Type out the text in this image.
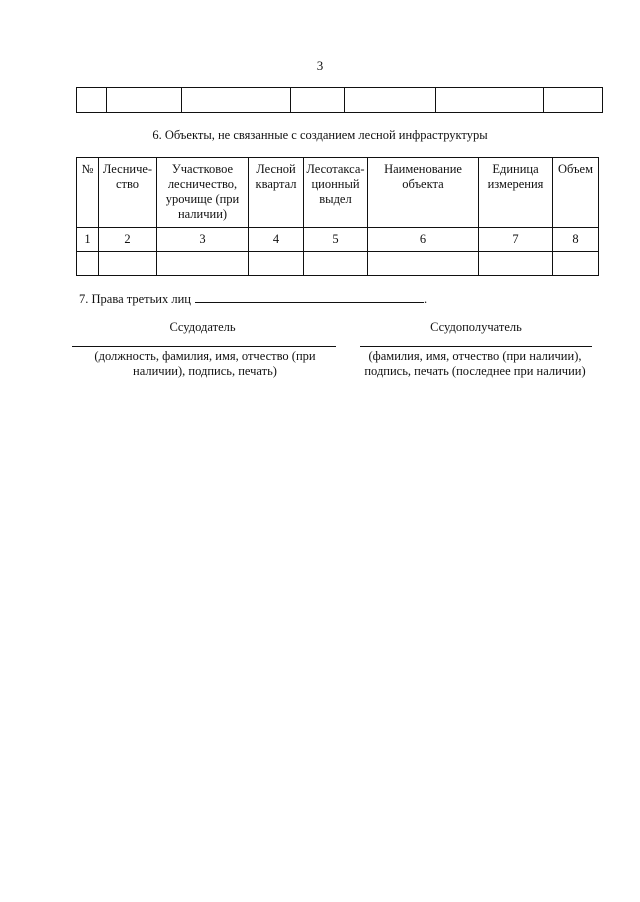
3

6. Объекты, не связанные с созданием лесной инфраструктуры
№	Лесниче-ство	Участковое лесничество, урочище (при наличии)	Лесной квартал	Лесотакса-ционный выдел	Наименование объекта	Единица измерения	Объем
1	2	3	4	5	6	7	8

7. Права третьих лиц	.
Ссудодатель
(должность, фамилия, имя, отчество (при наличии), подпись, печать)
Ссудополучатель
(фамилия, имя, отчество (при наличии), подпись, печать (последнее при наличии)
